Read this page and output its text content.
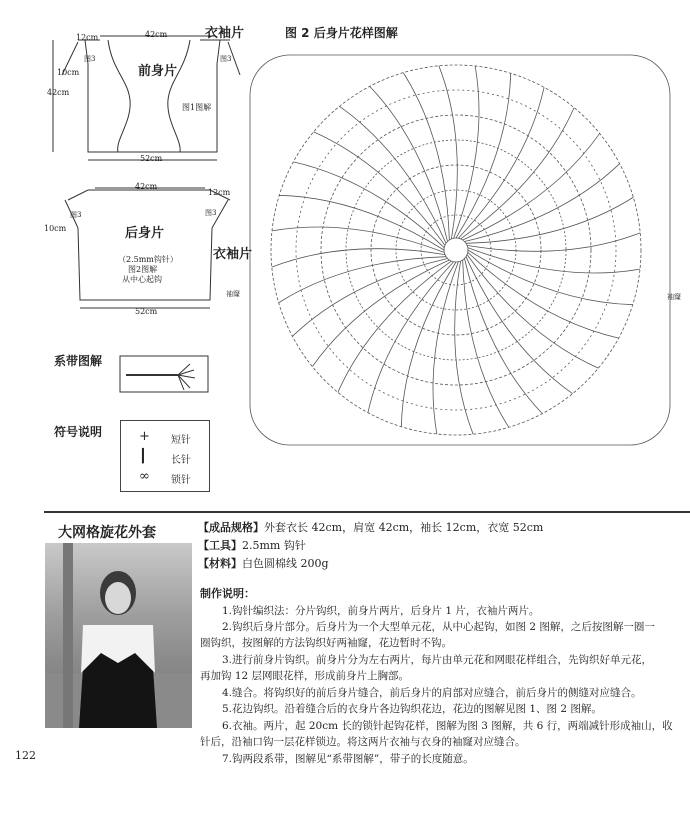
衣袖片
前身片
42cm
42cm
52cm
12cm
10cm
图1图解
图3	图3
后身片
衣袖片
42cm
52cm
12cm
10cm
（2.5mm钩针）
图2图解
从中心起钩
图3	图3
图 2 后身片花样图解
袖窿	袖窿
系带图解
符号说明	+ 短针
┃ 长针
∞ 锁针
大网格旋花外套	【成品规格】外套衣长 42cm，肩宽 42cm，袖长 12cm，衣宽 52cm
【工具】2.5mm 钩针
【材料】白色圆棉线 200g
制作说明：
1.钩针编织法：分片钩织，前身片两片，后身片 1 片，衣袖片两片。
2.钩织后身片部分。后身片为一个大型单元花，从中心起钩，如图 2 图解，之后按图解一圈一
圈钩织，按图解的方法钩织好两袖窿，花边暂时不钩。
3.进行前身片钩织。前身片分为左右两片，每片由单元花和网眼花样组合，先钩织好单元花，
再加钩 12 层网眼花样，形成前身片上胸部。
4.缝合。将钩织好的前后身片缝合，前后身片的肩部对应缝合，前后身片的侧缝对应缝合。
5.花边钩织。沿着缝合后的衣身片各边钩织花边，花边的图解见图 1、图 2 图解。
6.衣袖。两片，起 20cm 长的锁针起钩花样，图解为图 3 图解，共 6 行，两端减针形成袖山，收
针后，沿袖口钩一层花样锁边。将这两片衣袖与衣身的袖窿对应缝合。
7.钩两段系带，图解见“系带图解”，带子的长度随意。
122
